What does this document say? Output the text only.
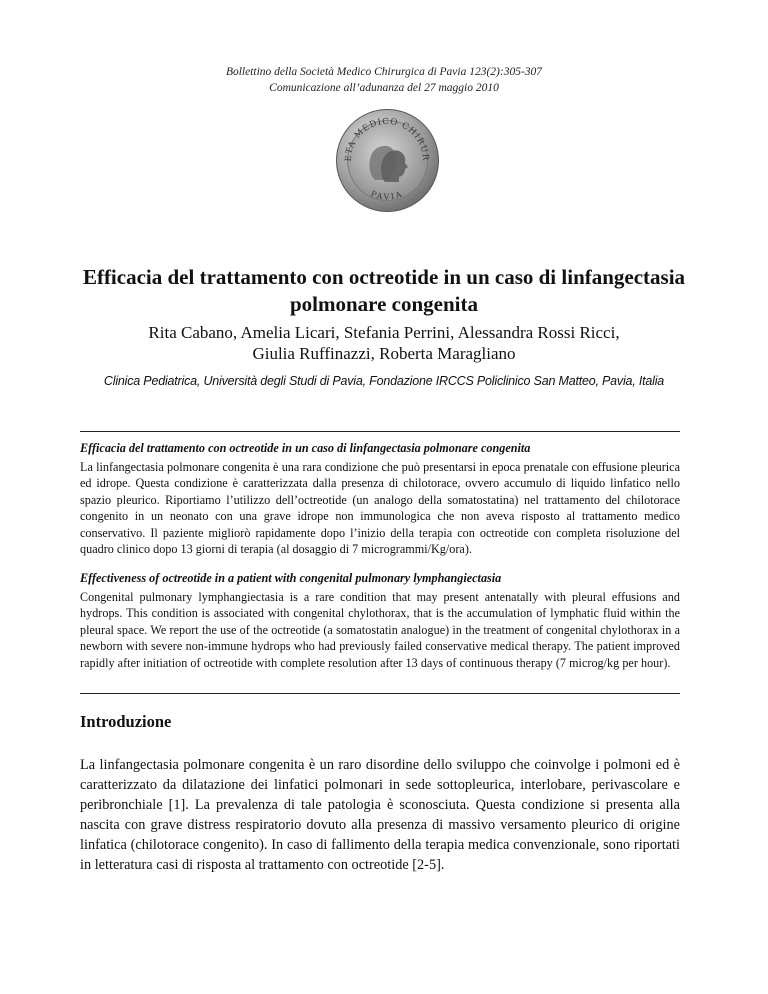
Bollettino della Società Medico Chirurgica di Pavia 123(2):305-307
Comunicazione all’adunanza del 27 maggio 2010
ETA MEDICO CHIRUR
PAVIA
Efficacia del trattamento con octreotide in un caso di linfangectasia polmonare congenita
Rita Cabano, Amelia Licari, Stefania Perrini, Alessandra Rossi Ricci,
Giulia Ruffinazzi, Roberta Maragliano
Clinica Pediatrica, Università degli Studi di Pavia, Fondazione IRCCS Policlinico San Matteo, Pavia, Italia
Efficacia del trattamento con octreotide in un caso di linfangectasia polmonare congenita
La linfangectasia polmonare congenita è una rara condizione che può presentarsi in epoca prenatale con effusione pleurica ed idrope. Questa condizione è caratterizzata dalla presenza di chilotorace, ovvero accumulo di liquido linfatico nello spazio pleurico. Riportiamo l’utilizzo dell’octreotide (un analogo della somatostatina) nel trattamento del chilotorace congenito in un neonato con una grave idrope non immunologica che non aveva risposto al trattamento medico conservativo. Il paziente migliorò rapidamente dopo l’inizio della terapia con octreotide con completa risoluzione del quadro clinico dopo 13 giorni di terapia (al dosaggio di 7 microgrammi/Kg/ora).
Effectiveness of octreotide in a patient with congenital pulmonary lymphangiectasia
Congenital pulmonary lymphangiectasia is a rare condition that may present antenatally with pleural effusions and hydrops. This condition is associated with congenital chylothorax, that is the accumulation of lymphatic fluid within the pleural space. We report the use of the octreotide (a somatostatin analogue) in the treatment of congenital chylothorax in a newborn with severe non-immune hydrops who had previously failed conservative medical therapy. The patient improved rapidly after initiation of octreotide with complete resolution after 13 days of continuous therapy (7 microg/kg per hour).
Introduzione
La linfangectasia polmonare congenita è un raro disordine dello sviluppo che coinvolge i polmoni ed è caratterizzato da dilatazione dei linfatici polmonari in sede sottopleurica, interlobare, perivascolare e peribronchiale [1]. La prevalenza di tale patologia è sconosciuta. Questa condizione si presenta alla nascita con grave distress respiratorio dovuto alla presenza di massivo versamento pleurico di origine linfatica (chilotorace congenito). In caso di fallimento della terapia medica convenzionale, sono riportati in letteratura casi di risposta al trattamento con octreotide [2-5].
